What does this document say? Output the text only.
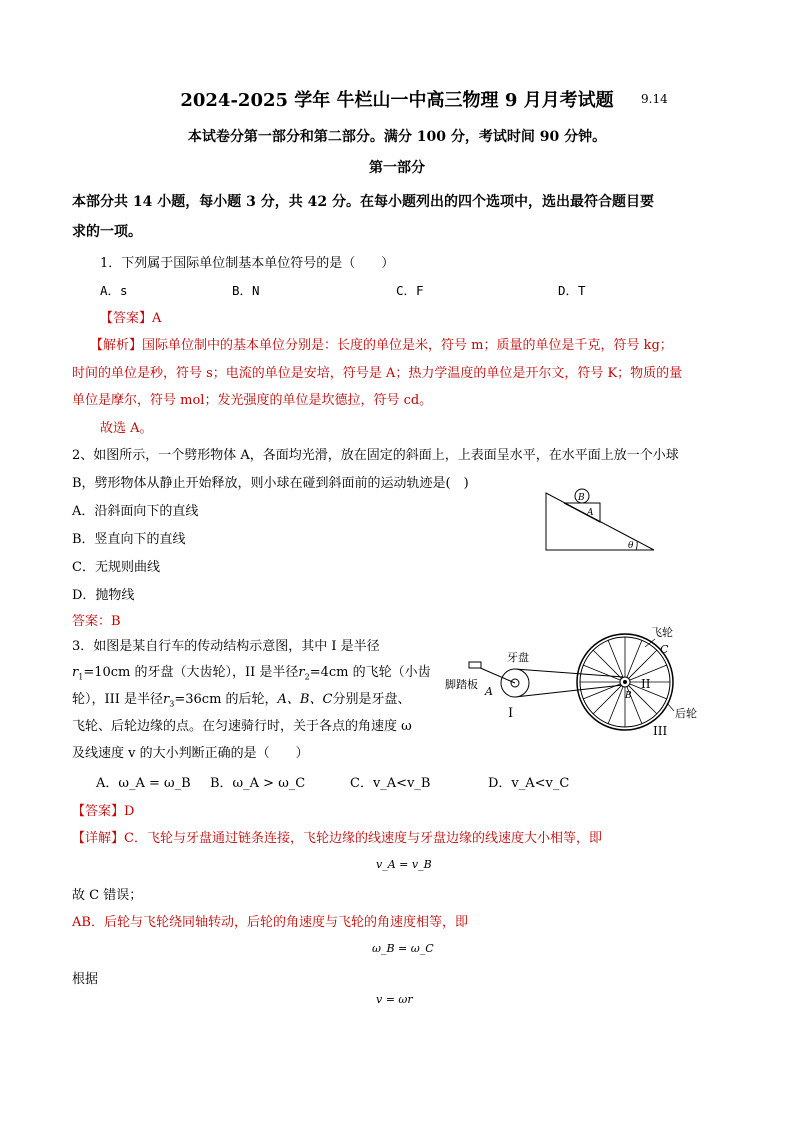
2024-2025 学年 牛栏山一中高三物理 9 月月考试题	9.14
本试卷分第一部分和第二部分。满分 100 分，考试时间 90 分钟。
第一部分
本部分共 14 小题，每小题 3 分，共 42 分。在每小题列出的四个选项中，选出最符合题目要
求的一项。
1．下列属于国际单位制基本单位符号的是（　　）
A．s	B．N	C．F	D．T
【答案】A
【解析】国际单位制中的基本单位分别是：长度的单位是米，符号 m；质量的单位是千克，符号 kg；
时间的单位是秒，符号 s；电流的单位是安培，符号是 A；热力学温度的单位是开尔文，符号 K；物质的量
单位是摩尔，符号 mol；发光强度的单位是坎德拉，符号 cd。
故选 A。
2、如图所示，一个劈形物体 A，各面均光滑，放在固定的斜面上，上表面呈水平，在水平面上放一个小球
B，劈形物体从静止开始释放，则小球在碰到斜面前的运动轨迹是(　)
A．沿斜面向下的直线
B．竖直向下的直线
C．无规则曲线
D．抛物线
答案：B
B
A
θ
3．如图是某自行车的传动结构示意图，其中 I 是半径
$r_1=10cm$ 的牙盘（大齿轮），II 是半径$r_2=4cm$ 的飞轮（小齿
轮），III 是半径$r_3=36cm$ 的后轮，A、B、C分别是牙盘、
飞轮、后轮边缘的点。在匀速骑行时，关于各点的角速度 ω
及线速度 v 的大小判断正确的是（　　）
A．ω_A = ω_B B．ω_A > ω_C	C．v_A<v_B	D．v_A<v_C
【答案】D
【详解】C．飞轮与牙盘通过链条连接，飞轮边缘的线速度与牙盘边缘的线速度大小相等，即
v_A = v_B
故 C 错误；
AB．后轮与飞轮绕同轴转动，后轮的角速度与飞轮的角速度相等，即
ω_B = ω_C
根据
v = ωr
牙盘
脚踏板
A
I
飞轮
C
B
II
后轮
III
